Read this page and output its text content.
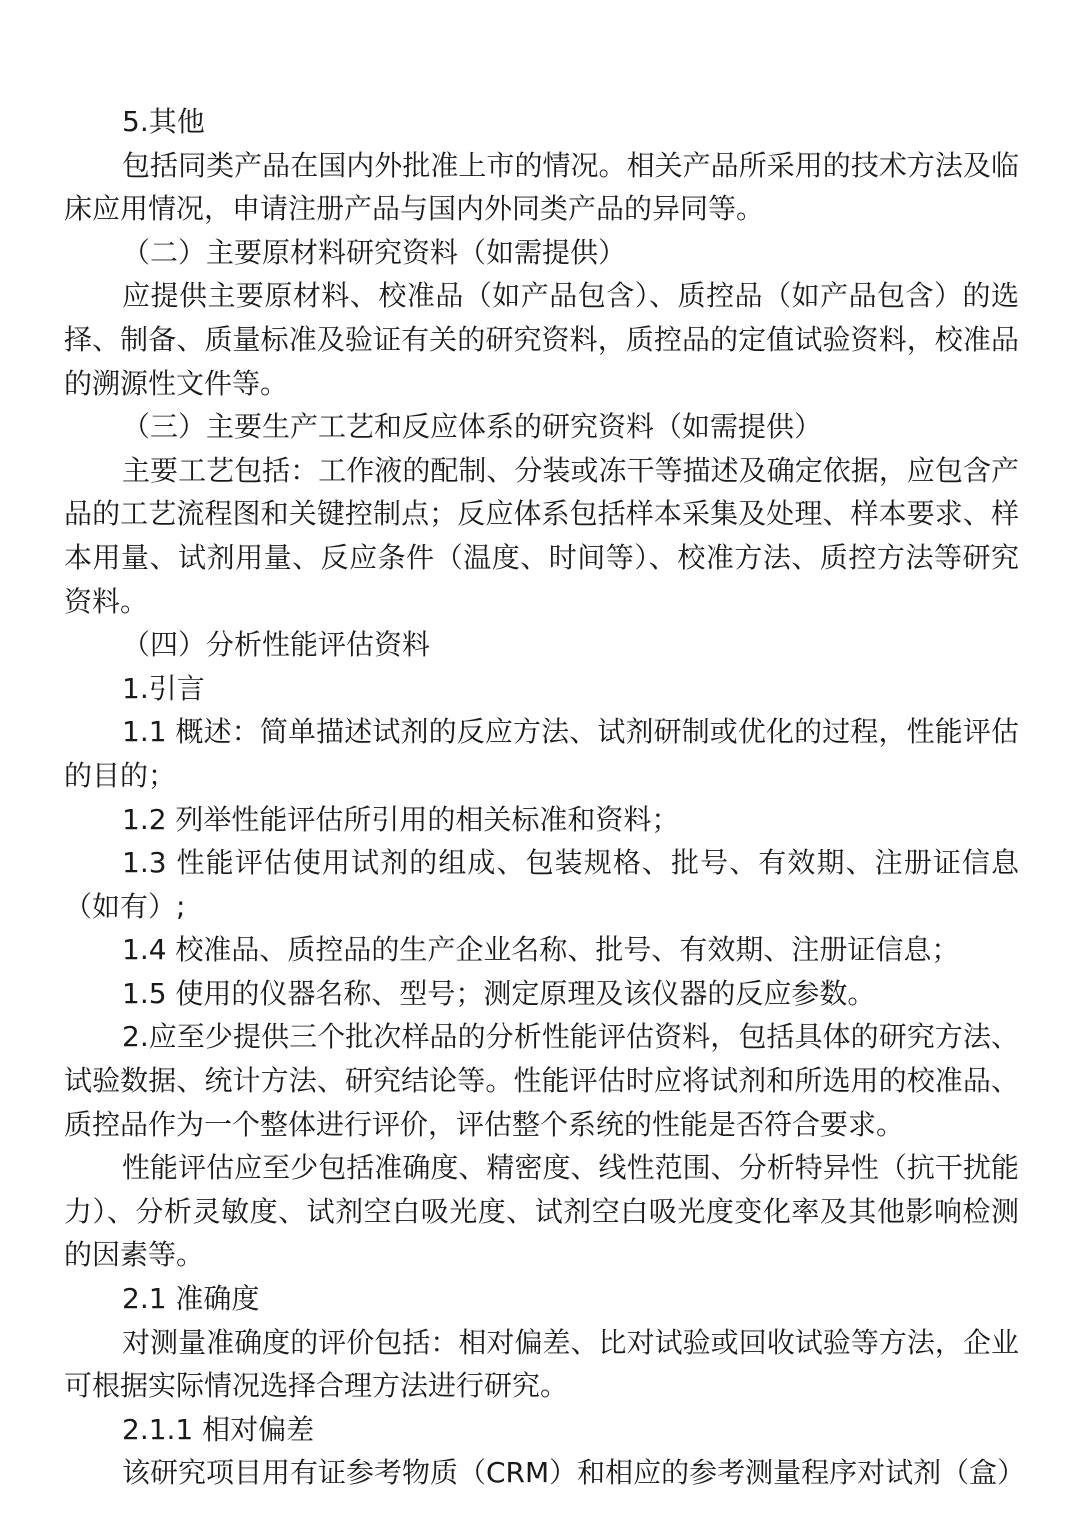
5.其他

包括同类产品在国内外批准上市的情况。相关产品所采用的技术方法及临床应用情况，申请注册产品与国内外同类产品的异同等。

（二）主要原材料研究资料（如需提供）

应提供主要原材料、校准品（如产品包含）、质控品（如产品包含）的选择、制备、质量标准及验证有关的研究资料，质控品的定值试验资料，校准品的溯源性文件等。

（三）主要生产工艺和反应体系的研究资料（如需提供）

主要工艺包括：工作液的配制、分装或冻干等描述及确定依据，应包含产品的工艺流程图和关键控制点；反应体系包括样本采集及处理、样本要求、样本用量、试剂用量、反应条件（温度、时间等）、校准方法、质控方法等研究资料。

（四）分析性能评估资料

1.引言

1.1 概述：简单描述试剂的反应方法、试剂研制或优化的过程，性能评估的目的；

1.2 列举性能评估所引用的相关标准和资料；

1.3 性能评估使用试剂的组成、包装规格、批号、有效期、注册证信息（如有）;

1.4 校准品、质控品的生产企业名称、批号、有效期、注册证信息；

1.5 使用的仪器名称、型号；测定原理及该仪器的反应参数。

2.应至少提供三个批次样品的分析性能评估资料，包括具体的研究方法、试验数据、统计方法、研究结论等。性能评估时应将试剂和所选用的校准品、质控品作为一个整体进行评价，评估整个系统的性能是否符合要求。

性能评估应至少包括准确度、精密度、线性范围、分析特异性（抗干扰能力）、分析灵敏度、试剂空白吸光度、试剂空白吸光度变化率及其他影响检测的因素等。

2.1 准确度

对测量准确度的评价包括：相对偏差、比对试验或回收试验等方法，企业可根据实际情况选择合理方法进行研究。

2.1.1 相对偏差

该研究项目用有证参考物质（CRM）和相应的参考测量程序对试剂（盒）
